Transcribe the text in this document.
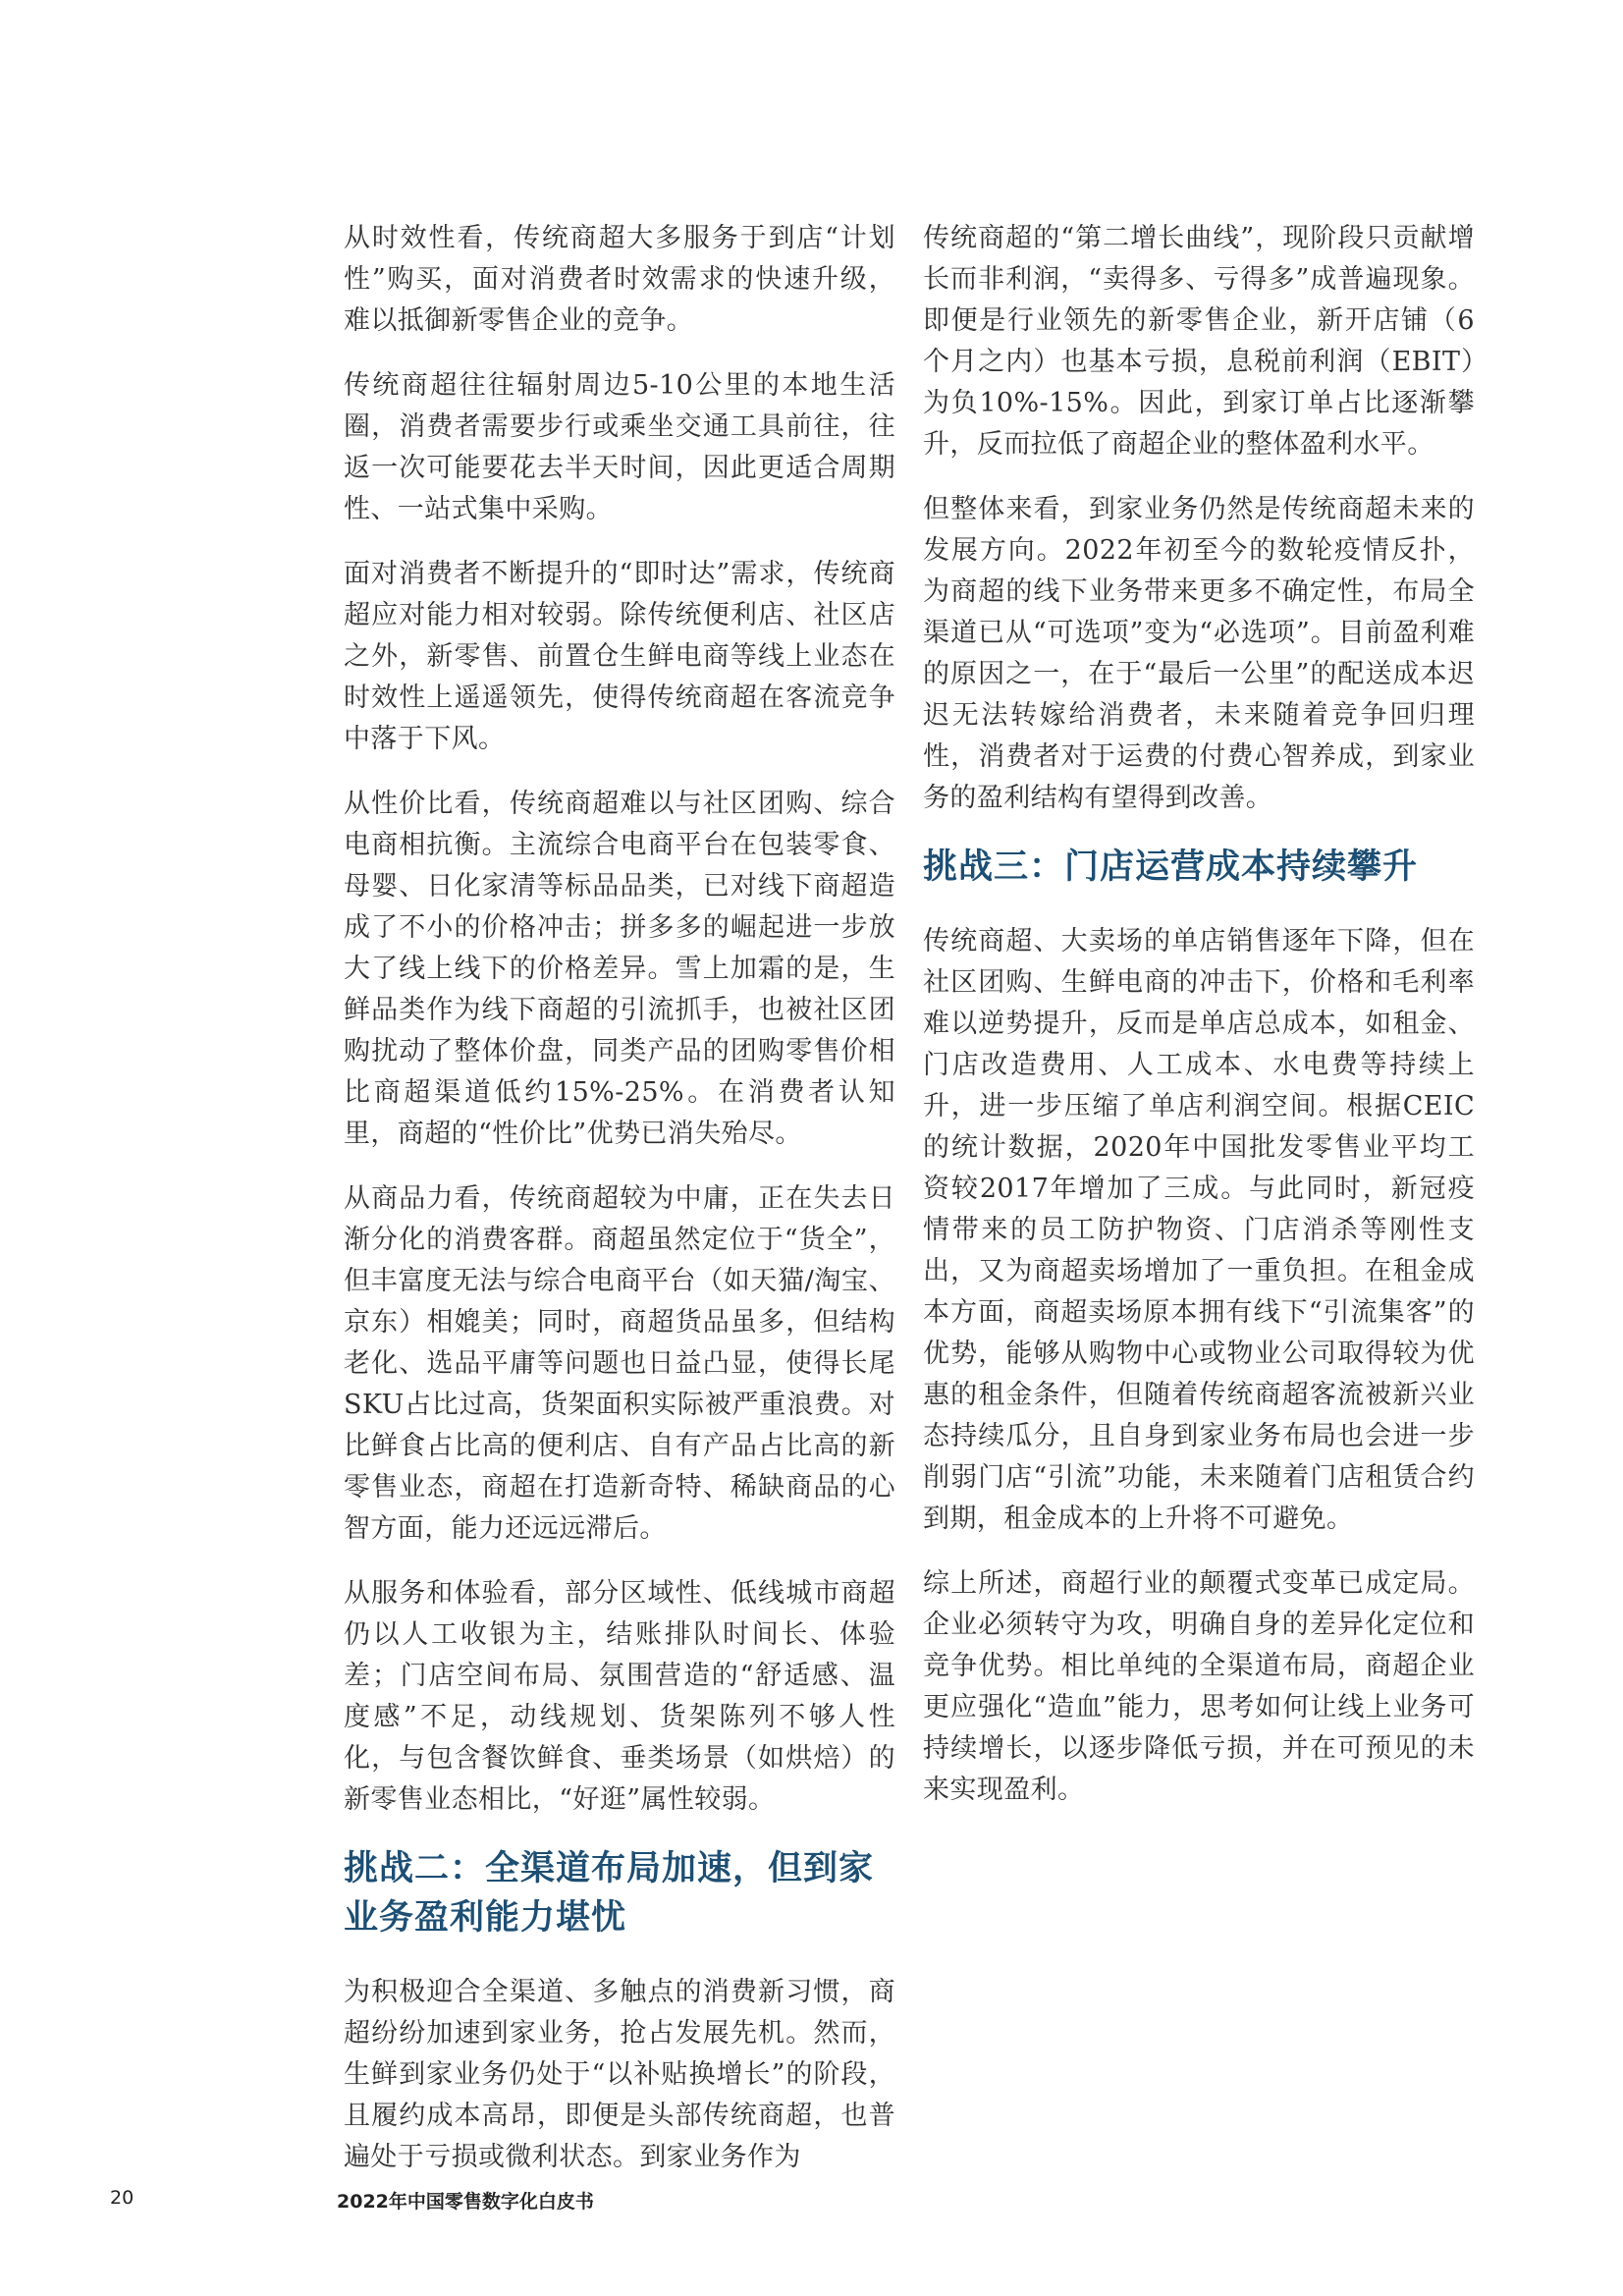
从时效性看，传统商超大多服务于到店“计划性”购买，面对消费者时效需求的快速升级，难以抵御新零售企业的竞争。

传统商超往往辐射周边5-10公里的本地生活圈，消费者需要步行或乘坐交通工具前往，往返一次可能要花去半天时间，因此更适合周期性、一站式集中采购。

面对消费者不断提升的“即时达”需求，传统商超应对能力相对较弱。除传统便利店、社区店之外，新零售、前置仓生鲜电商等线上业态在时效性上遥遥领先，使得传统商超在客流竞争中落于下风。

从性价比看，传统商超难以与社区团购、综合电商相抗衡。主流综合电商平台在包装零食、母婴、日化家清等标品品类，已对线下商超造成了不小的价格冲击；拼多多的崛起进一步放大了线上线下的价格差异。雪上加霜的是，生鲜品类作为线下商超的引流抓手，也被社区团购扰动了整体价盘，同类产品的团购零售价相比商超渠道低约15%-25%。在消费者认知里，商超的“性价比”优势已消失殆尽。

从商品力看，传统商超较为中庸，正在失去日渐分化的消费客群。商超虽然定位于“货全”，但丰富度无法与综合电商平台（如天猫/淘宝、京东）相媲美；同时，商超货品虽多，但结构老化、选品平庸等问题也日益凸显，使得长尾SKU占比过高，货架面积实际被严重浪费。对比鲜食占比高的便利店、自有产品占比高的新零售业态，商超在打造新奇特、稀缺商品的心智方面，能力还远远滞后。

从服务和体验看，部分区域性、低线城市商超仍以人工收银为主，结账排队时间长、体验差；门店空间布局、氛围营造的“舒适感、温度感”不足，动线规划、货架陈列不够人性化，与包含餐饮鲜食、垂类场景（如烘焙）的新零售业态相比，“好逛”属性较弱。

挑战二：全渠道布局加速，但到家业务盈利能力堪忧

为积极迎合全渠道、多触点的消费新习惯，商超纷纷加速到家业务，抢占发展先机。然而，生鲜到家业务仍处于“以补贴换增长”的阶段，且履约成本高昂，即便是头部传统商超，也普遍处于亏损或微利状态。到家业务作为

传统商超的“第二增长曲线”，现阶段只贡献增长而非利润，“卖得多、亏得多”成普遍现象。即便是行业领先的新零售企业，新开店铺（6个月之内）也基本亏损，息税前利润（EBIT）为负10%-15%。因此，到家订单占比逐渐攀升，反而拉低了商超企业的整体盈利水平。

但整体来看，到家业务仍然是传统商超未来的发展方向。2022年初至今的数轮疫情反扑，为商超的线下业务带来更多不确定性，布局全渠道已从“可选项”变为“必选项”。目前盈利难的原因之一，在于“最后一公里”的配送成本迟迟无法转嫁给消费者，未来随着竞争回归理性，消费者对于运费的付费心智养成，到家业务的盈利结构有望得到改善。

挑战三：门店运营成本持续攀升

传统商超、大卖场的单店销售逐年下降，但在社区团购、生鲜电商的冲击下，价格和毛利率难以逆势提升，反而是单店总成本，如租金、门店改造费用、人工成本、水电费等持续上升，进一步压缩了单店利润空间。根据CEIC的统计数据，2020年中国批发零售业平均工资较2017年增加了三成。与此同时，新冠疫情带来的员工防护物资、门店消杀等刚性支出，又为商超卖场增加了一重负担。在租金成本方面，商超卖场原本拥有线下“引流集客”的优势，能够从购物中心或物业公司取得较为优惠的租金条件，但随着传统商超客流被新兴业态持续瓜分，且自身到家业务布局也会进一步削弱门店“引流”功能，未来随着门店租赁合约到期，租金成本的上升将不可避免。

综上所述，商超行业的颠覆式变革已成定局。企业必须转守为攻，明确自身的差异化定位和竞争优势。相比单纯的全渠道布局，商超企业更应强化“造血”能力，思考如何让线上业务可持续增长，以逐步降低亏损，并在可预见的未来实现盈利。

20	2022年中国零售数字化白皮书
